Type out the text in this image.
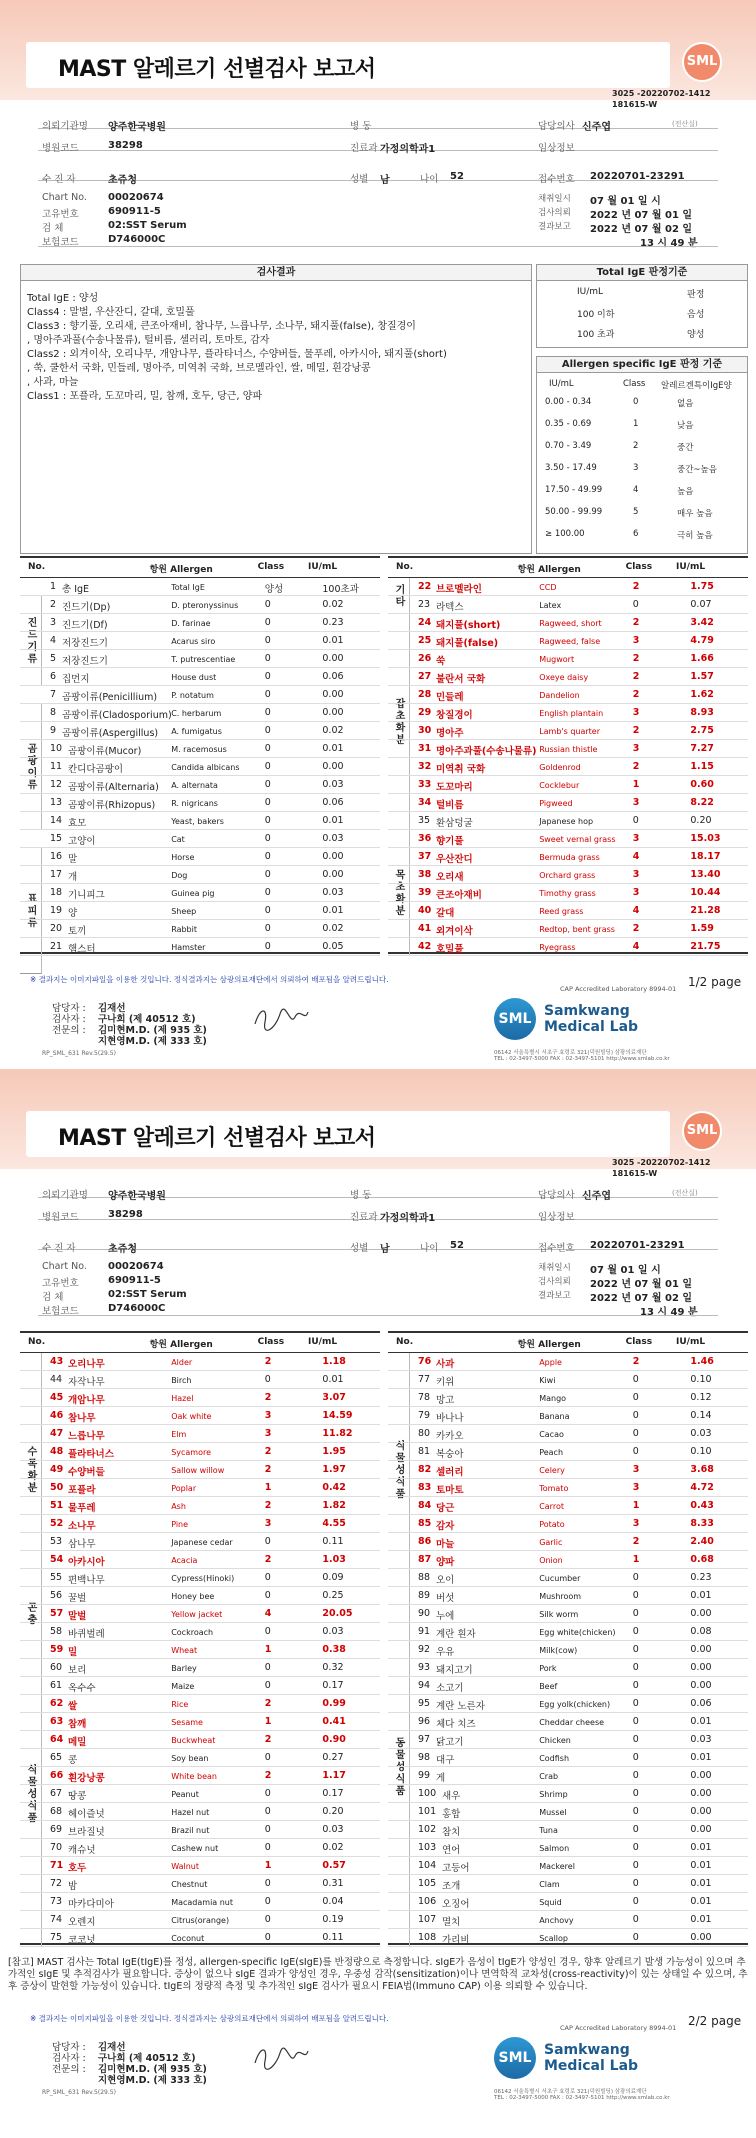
MAST 알레르기 선별검사 보고서	SML
3025 -20220702-1412
181615-W
의뢰기관명 양주한국병원	병 동	담당의사 신주엽	(전산실)
병원코드	38298	진료과 가정의학과1	임상정보
수 진 자	초쥬청	성별 남	나이 52	접수번호 20220701-23291
Chart No. 00020674
고유번호	690911-5
검 체	02:SST Serum
보험코드	D746000C
채취일시 07 월 01 일 시
검사의뢰 2022 년 07 월 01 일
결과보고 2022 년 07 월 02 일
13 시 49 분
검사결과
Total IgE : 양성
Class4 : 말벌, 우산잔디, 갈대, 호밀풀
Class3 : 향기풀, 오리새, 큰조아재비, 참나무, 느릅나무, 소나무, 돼지풀(false), 창질경이
, 명아주과풀(수송나물류), 털비름, 셀러리, 토마토, 감자
Class2 : 외겨이삭, 오리나무, 개암나무, 플라타너스, 수양버들, 물푸레, 아카시아, 돼지풀(short)
, 쑥, 쿨한서 국화, 민들레, 명아주, 미역취 국화, 브로멜라인, 쌀, 메밀, 흰강낭콩
, 사과, 마늘
Class1 : 포플라, 도꼬마리, 밀, 참깨, 호두, 당근, 양파
Total IgE 판정기준
IU/mL	판정
100 이하	음성
100 초과	양성
Allergen specific IgE 판정 기준
IU/mL	Class 알레르겐특이IgE양
0.00 - 0.34	0	없음
0.35 - 0.69	1	낮음
0.70 - 3.49	2	중간
3.50 - 17.49	3	중간~높음
17.50 - 49.99	4	높음
50.00 - 99.99	5	매우 높음
≥ 100.00	6	극히 높음
No.	항원 Allergen	Class	IU/mL
진드기류
곰팡이류
표피류
1 총 IgE	Total IgE	양성	100초과
2 진드기(Dp)	D. pteronyssinus	0	0.02
3 진드기(Df)	D. farinae	0	0.23
4 저장진드기	Acarus siro	0	0.01
5 저장진드기	T. putrescentiae	0	0.00
6 집먼지	House dust	0	0.06
7 곰팡이류(Penicillium) P. notatum	0	0.00
8 곰팡이류(Cladosporium) C. herbarum	0	0.00
9 곰팡이류(Aspergillus) A. fumigatus	0	0.02
10 곰팡이류(Mucor)	M. racemosus	0	0.01
11 칸디다곰팡이	Candida albicans	0	0.00
12 곰팡이류(Alternaria) A. alternata	0	0.03
13 곰팡이류(Rhizopus) R. nigricans	0	0.06
14 효모	Yeast, bakers	0	0.01
15 고양이	Cat	0	0.03
16 말	Horse	0	0.00
17 개	Dog	0	0.00
18 기니피그	Guinea pig	0	0.03
19 양	Sheep	0	0.01
20 토끼	Rabbit	0	0.02
21 햄스터	Hamster	0	0.05
No.	항원 Allergen	Class	IU/mL
기타
잡초화분
목초화분
22 브로멜라인	CCD	2	1.75
23 라텍스	Latex	0	0.07
24 돼지풀(short)	Ragweed, short	2	3.42
25 돼지풀(false)	Ragweed, false	3	4.79
26 쑥	Mugwort	2	1.66
27 불란서 국화	Oxeye daisy	2	1.57
28 민들레	Dandelion	2	1.62
29 창질경이	English plantain	3	8.93
30 명아주	Lamb's quarter	2	2.75
31 명아주과풀(수송나물류) Russian thistle	3	7.27
32 미역취 국화	Goldenrod	2	1.15
33 도꼬마리	Cocklebur	1	0.60
34 털비름	Pigweed	3	8.22
35 환삼덩굴	Japanese hop	0	0.20
36 향기풀	Sweet vernal grass 3	15.03
37 우산잔디	Bermuda grass	4	18.17
38 오리새	Orchard grass	3	13.40
39 큰조아재비	Timothy grass	3	10.44
40 갈대	Reed grass	4	21.28
41 외겨이삭	Redtop, bent grass 2	1.59
42 호밀풀	Ryegrass	4	21.75
※ 결과지는 이미지파일을 이용한 것입니다. 정식결과지는 삼광의료재단에서 의뢰하여 배포됨을 알려드립니다.
CAP Accredited Laboratory 8994-01 1/2 page
담당자 : 김재선
검사자 : 구나희 (제 40512 호)
전문의 : 김미현M.D. (제 935 호)
지현영M.D. (제 333 호)
SML Samkwang
Medical Lab
06142 서울특별시 서초구 효령로 321(덕원빌딩) 삼광의료재단
TEL : 02-3497-5000 FAX : 02-3497-5101 http://www.smlab.co.kr
RP_SML_631 Rev.5(29.5)
MAST 알레르기 선별검사 보고서	SML
3025 -20220702-1412
181615-W
의뢰기관명 양주한국병원	병 동	담당의사 신주엽	(전산실)
병원코드	38298	진료과 가정의학과1	임상정보
수 진 자	초쥬청	성별 남	나이 52	접수번호 20220701-23291
Chart No. 00020674
고유번호	690911-5
검 체	02:SST Serum
보험코드	D746000C
채취일시 07 월 01 일 시
검사의뢰 2022 년 07 월 01 일
결과보고 2022 년 07 월 02 일
13 시 49 분
No.	항원 Allergen	Class	IU/mL
수목화분
곤충
식물성식품
43 오리나무	Alder	2	1.18
44 자작나무	Birch	0	0.01
45 개암나무	Hazel	2	3.07
46 참나무	Oak white	3	14.59
47 느릅나무	Elm	3	11.82
48 플라타너스	Sycamore	2	1.95
49 수양버들	Sallow willow	2	1.97
50 포플라	Poplar	1	0.42
51 물푸레	Ash	2	1.82
52 소나무	Pine	3	4.55
53 삼나무	Japanese cedar	0	0.11
54 아카시아	Acacia	2	1.03
55 편백나무	Cypress(Hinoki)	0	0.09
56 꿀벌	Honey bee	0	0.25
57 말벌	Yellow jacket	4	20.05
58 바퀴벌레	Cockroach	0	0.03
59 밀	Wheat	1	0.38
60 보리	Barley	0	0.32
61 옥수수	Maize	0	0.17
62 쌀	Rice	2	0.99
63 참깨	Sesame	1	0.41
64 메밀	Buckwheat	2	0.90
65 콩	Soy bean	0	0.27
66 흰강낭콩	White bean	2	1.17
67 땅콩	Peanut	0	0.17
68 헤이즐넛	Hazel nut	0	0.20
69 브라질넛	Brazil nut	0	0.03
70 캐슈넛	Cashew nut	0	0.02
71 호두	Walnut	1	0.57
72 밤	Chestnut	0	0.31
73 마카다미아	Macadamia nut	0	0.04
74 오렌지	Citrus(orange)	0	0.19
75 코코넛	Coconut	0	0.11
No.	항원 Allergen	Class	IU/mL
식물성식품
동물성식품
76 사과	Apple	2	1.46
77 키위	Kiwi	0	0.10
78 망고	Mango	0	0.12
79 바나나	Banana	0	0.14
80 카카오	Cacao	0	0.03
81 복숭아	Peach	0	0.10
82 셀러리	Celery	3	3.68
83 토마토	Tomato	3	4.72
84 당근	Carrot	1	0.43
85 감자	Potato	3	8.33
86 마늘	Garlic	2	2.40
87 양파	Onion	1	0.68
88 오이	Cucumber	0	0.23
89 버섯	Mushroom	0	0.01
90 누에	Silk worm	0	0.00
91 계란 흰자	Egg white(chicken) 0	0.08
92 우유	Milk(cow)	0	0.00
93 돼지고기	Pork	0	0.00
94 소고기	Beef	0	0.00
95 계란 노른자	Egg yolk(chicken) 0	0.06
96 체다 치즈	Cheddar cheese	0	0.01
97 닭고기	Chicken	0	0.03
98 대구	Codfish	0	0.01
99 게	Crab	0	0.00
100 새우	Shrimp	0	0.00
101 홍합	Mussel	0	0.00
102 참치	Tuna	0	0.00
103 연어	Salmon	0	0.01
104 고등어	Mackerel	0	0.01
105 조개	Clam	0	0.01
106 오징어	Squid	0	0.01
107 멸치	Anchovy	0	0.01
108 가리비	Scallop	0	0.00
[참고] MAST 검사는 Total IgE(tIgE)를 정성, allergen-specific IgE(sIgE)를 반정량으로 측정합니다. sIgE가 음성이 tIgE가 양성인 경우, 향후 알레르기 발생 가능성이 있으며 추가적인 sIgE 및 추적검사가 필요합니다. 증상이 없으나 sIgE 결과가 양성인 경우, 우중성 감작(sensitization)이나 면역학적 교차성(cross-reactivity)이 있는 상태일 수 있으며, 추후 증상이 발현할 가능성이 있습니다. tIgE의 정량적 측정 및 추가적인 sIgE 검사가 필요시 FEIA법(Immuno CAP) 이용 의뢰할 수 있습니다.
※ 결과지는 이미지파일을 이용한 것입니다. 정식결과지는 삼광의료재단에서 의뢰하여 배포됨을 알려드립니다.
CAP Accredited Laboratory 8994-01 2/2 page
담당자 : 김재선
검사자 : 구나희 (제 40512 호)
전문의 : 김미현M.D. (제 935 호)
지현영M.D. (제 333 호)
SML Samkwang
Medical Lab
06142 서울특별시 서초구 효령로 321(덕원빌딩) 삼광의료재단
TEL : 02-3497-5000 FAX : 02-3497-5101 http://www.smlab.co.kr
RP_SML_631 Rev.5(29.5)
